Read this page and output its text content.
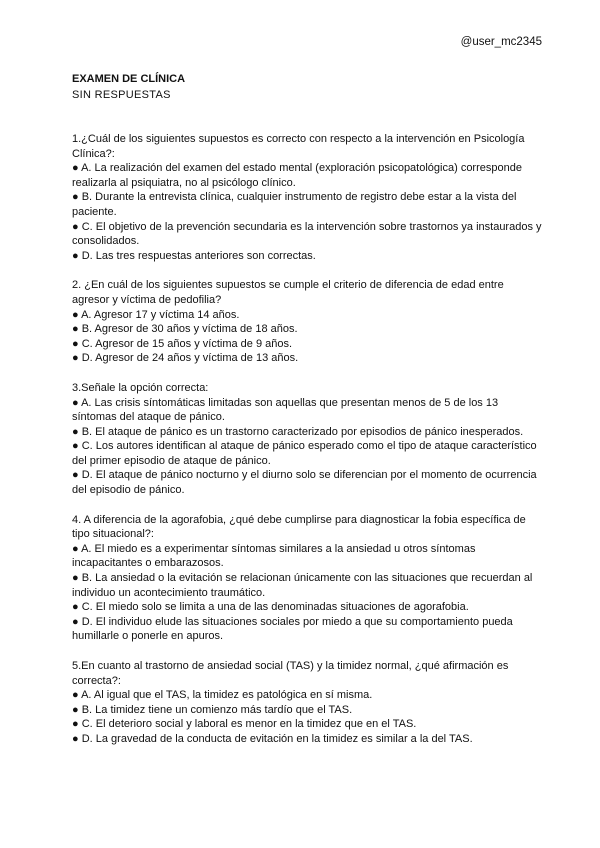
@user_mc2345

EXAMEN DE CLÍNICA

SIN RESPUESTAS

1.¿Cuál de los siguientes supuestos es correcto con respecto a la intervención en Psicología Clínica?:

● A. La realización del examen del estado mental (exploración psicopatológica) corresponde realizarla al psiquiatra, no al psicólogo clínico.

● B. Durante la entrevista clínica, cualquier instrumento de registro debe estar a la vista del paciente.

● C. El objetivo de la prevención secundaria es la intervención sobre trastornos ya instaurados y consolidados.

● D. Las tres respuestas anteriores son correctas.

2. ¿En cuál de los siguientes supuestos se cumple el criterio de diferencia de edad entre agresor y víctima de pedofilia?

● A. Agresor 17 y víctima 14 años.

● B. Agresor de 30 años y víctima de 18 años.

● C. Agresor de 15 años y víctima de 9 años.

● D. Agresor de 24 años y víctima de 13 años.

3.Señale la opción correcta:

● A. Las crisis síntomáticas limitadas son aquellas que presentan menos de 5 de los 13 síntomas del ataque de pánico.

● B. El ataque de pánico es un trastorno caracterizado por episodios de pánico inesperados.

● C. Los autores identifican al ataque de pánico esperado como el tipo de ataque característico del primer episodio de ataque de pánico.

● D. El ataque de pánico nocturno y el diurno solo se diferencian por el momento de ocurrencia del episodio de pánico.

4. A diferencia de la agorafobia, ¿qué debe cumplirse para diagnosticar la fobia específica de tipo situacional?:

● A. El miedo es a experimentar síntomas similares a la ansiedad u otros síntomas incapacitantes o embarazosos.

● B. La ansiedad o la evitación se relacionan únicamente con las situaciones que recuerdan al individuo un acontecimiento traumático.

● C. El miedo solo se limita a una de las denominadas situaciones de agorafobia.

● D. El individuo elude las situaciones sociales por miedo a que su comportamiento pueda humillarle o ponerle en apuros.

5.En cuanto al trastorno de ansiedad social (TAS) y la timidez normal, ¿qué afirmación es correcta?:

● A. Al igual que el TAS, la timidez es patológica en sí misma.

● B. La timidez tiene un comienzo más tardío que el TAS.

● C. El deterioro social y laboral es menor en la timidez que en el TAS.

● D. La gravedad de la conducta de evitación en la timidez es similar a la del TAS.
